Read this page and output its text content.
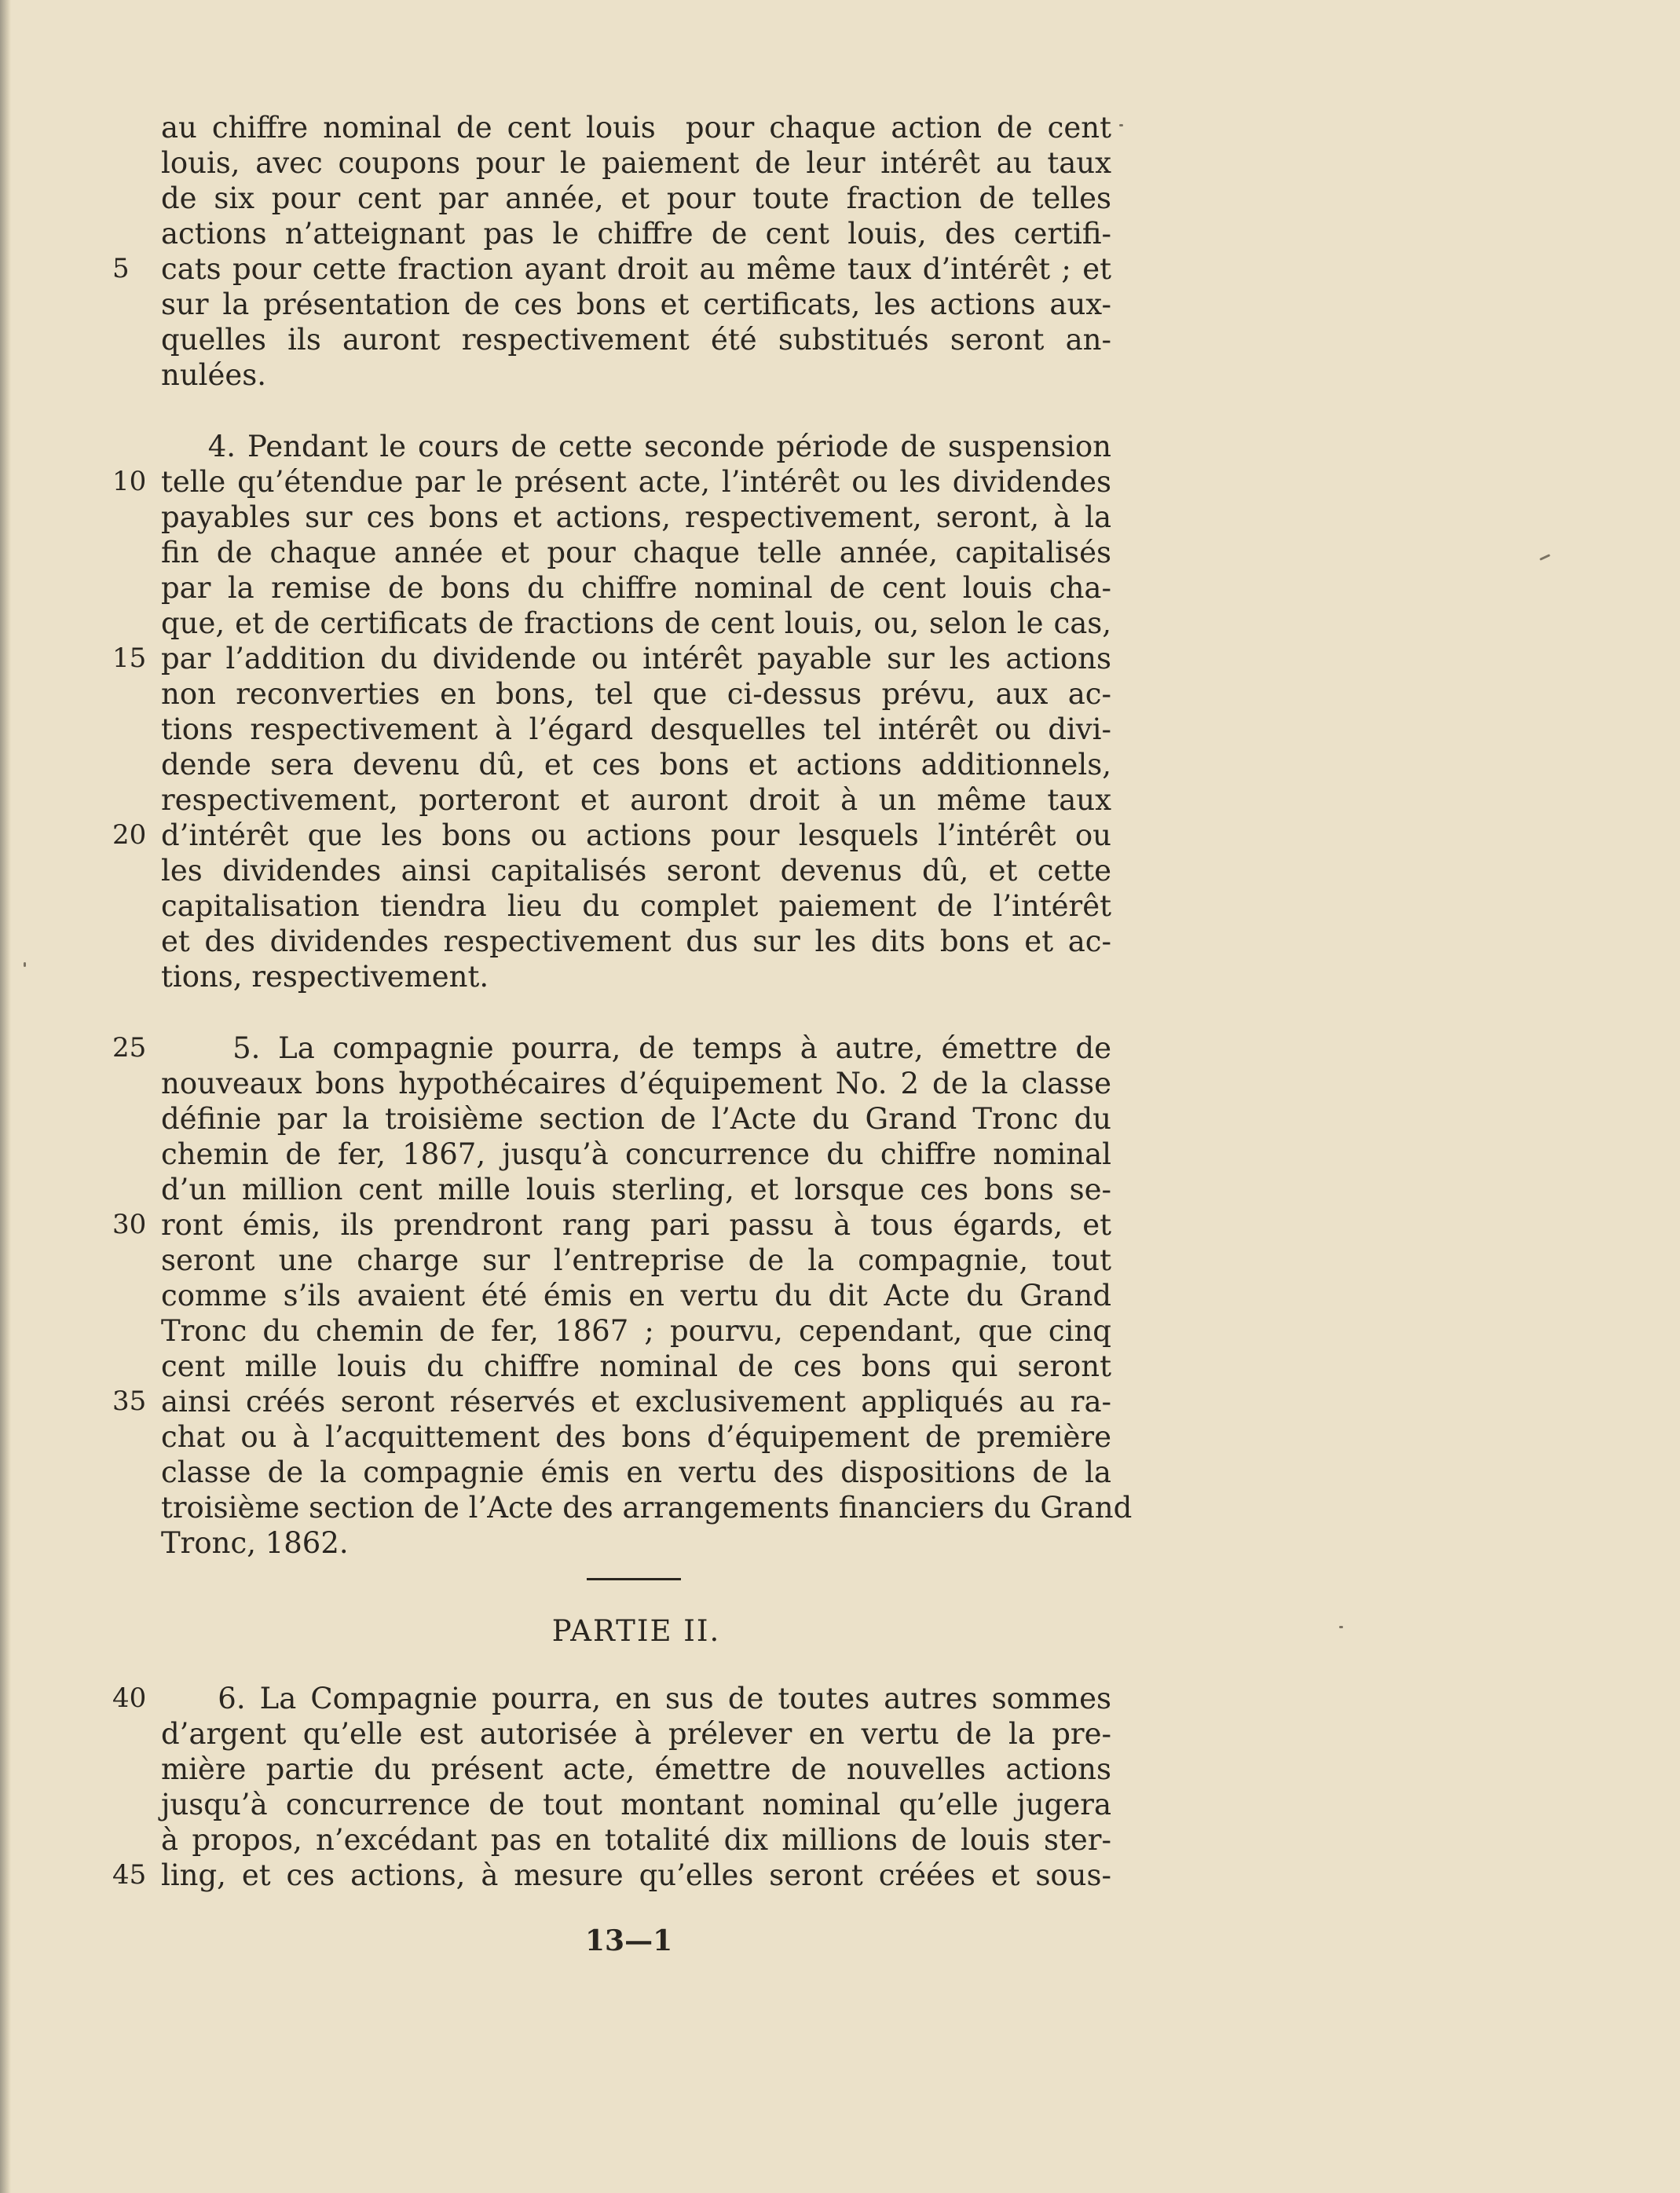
au chiffre nominal de cent louis  pour chaque action de cent
louis, avec coupons pour le paiement de leur intérêt au taux
de six pour cent par année, et pour toute fraction de telles
actions n’atteignant pas le chiffre de cent louis, des certifi-
5	cats pour cette fraction ayant droit au même taux d’intérêt ; et
sur la présentation de ces bons et certificats, les actions aux-
quelles ils auront respectivement été substitués seront an-
nulées.
4. Pendant le cours de cette seconde période de suspension
10 telle qu’étendue par le présent acte, l’intérêt ou les dividendes
payables sur ces bons et actions, respectivement, seront, à la
fin de chaque année et pour chaque telle année, capitalisés
par la remise de bons du chiffre nominal de cent louis cha-
que, et de certificats de fractions de cent louis, ou, selon le cas,
15 par l’addition du dividende ou intérêt payable sur les actions
non reconverties en bons, tel que ci-dessus prévu, aux ac-
tions respectivement à l’égard desquelles tel intérêt ou divi-
dende sera devenu dû, et ces bons et actions additionnels,
respectivement, porteront et auront droit à un même taux
20 d’intérêt que les bons ou actions pour lesquels l’intérêt ou
les dividendes ainsi capitalisés seront devenus dû, et cette
capitalisation tiendra lieu du complet paiement de l’intérêt
et des dividendes respectivement dus sur les dits bons et ac-
tions, respectivement.
25 5. La compagnie pourra, de temps à autre, émettre de
nouveaux bons hypothécaires d’équipement No. 2 de la classe
définie par la troisième section de l’Acte du Grand Tronc du
chemin de fer, 1867, jusqu’à concurrence du chiffre nominal
d’un million cent mille louis sterling, et lorsque ces bons se-
30 ront émis, ils prendront rang pari passu à tous égards, et
seront une charge sur l’entreprise de la compagnie, tout
comme s’ils avaient été émis en vertu du dit Acte du Grand
Tronc du chemin de fer, 1867 ; pourvu, cependant, que cinq
cent mille louis du chiffre nominal de ces bons qui seront
35 ainsi créés seront réservés et exclusivement appliqués au ra-
chat ou à l’acquittement des bons d’équipement de première
classe de la compagnie émis en vertu des dispositions de la
troisième section de l’Acte des arrangements financiers du Grand
Tronc, 1862.
PARTIE II.
40 6. La Compagnie pourra, en sus de toutes autres sommes
d’argent qu’elle est autorisée à prélever en vertu de la pre-
mière partie du présent acte, émettre de nouvelles actions
jusqu’à concurrence de tout montant nominal qu’elle jugera
à propos, n’excédant pas en totalité dix millions de louis ster-
45 ling, et ces actions, à mesure qu’elles seront créées et sous-
13—1
